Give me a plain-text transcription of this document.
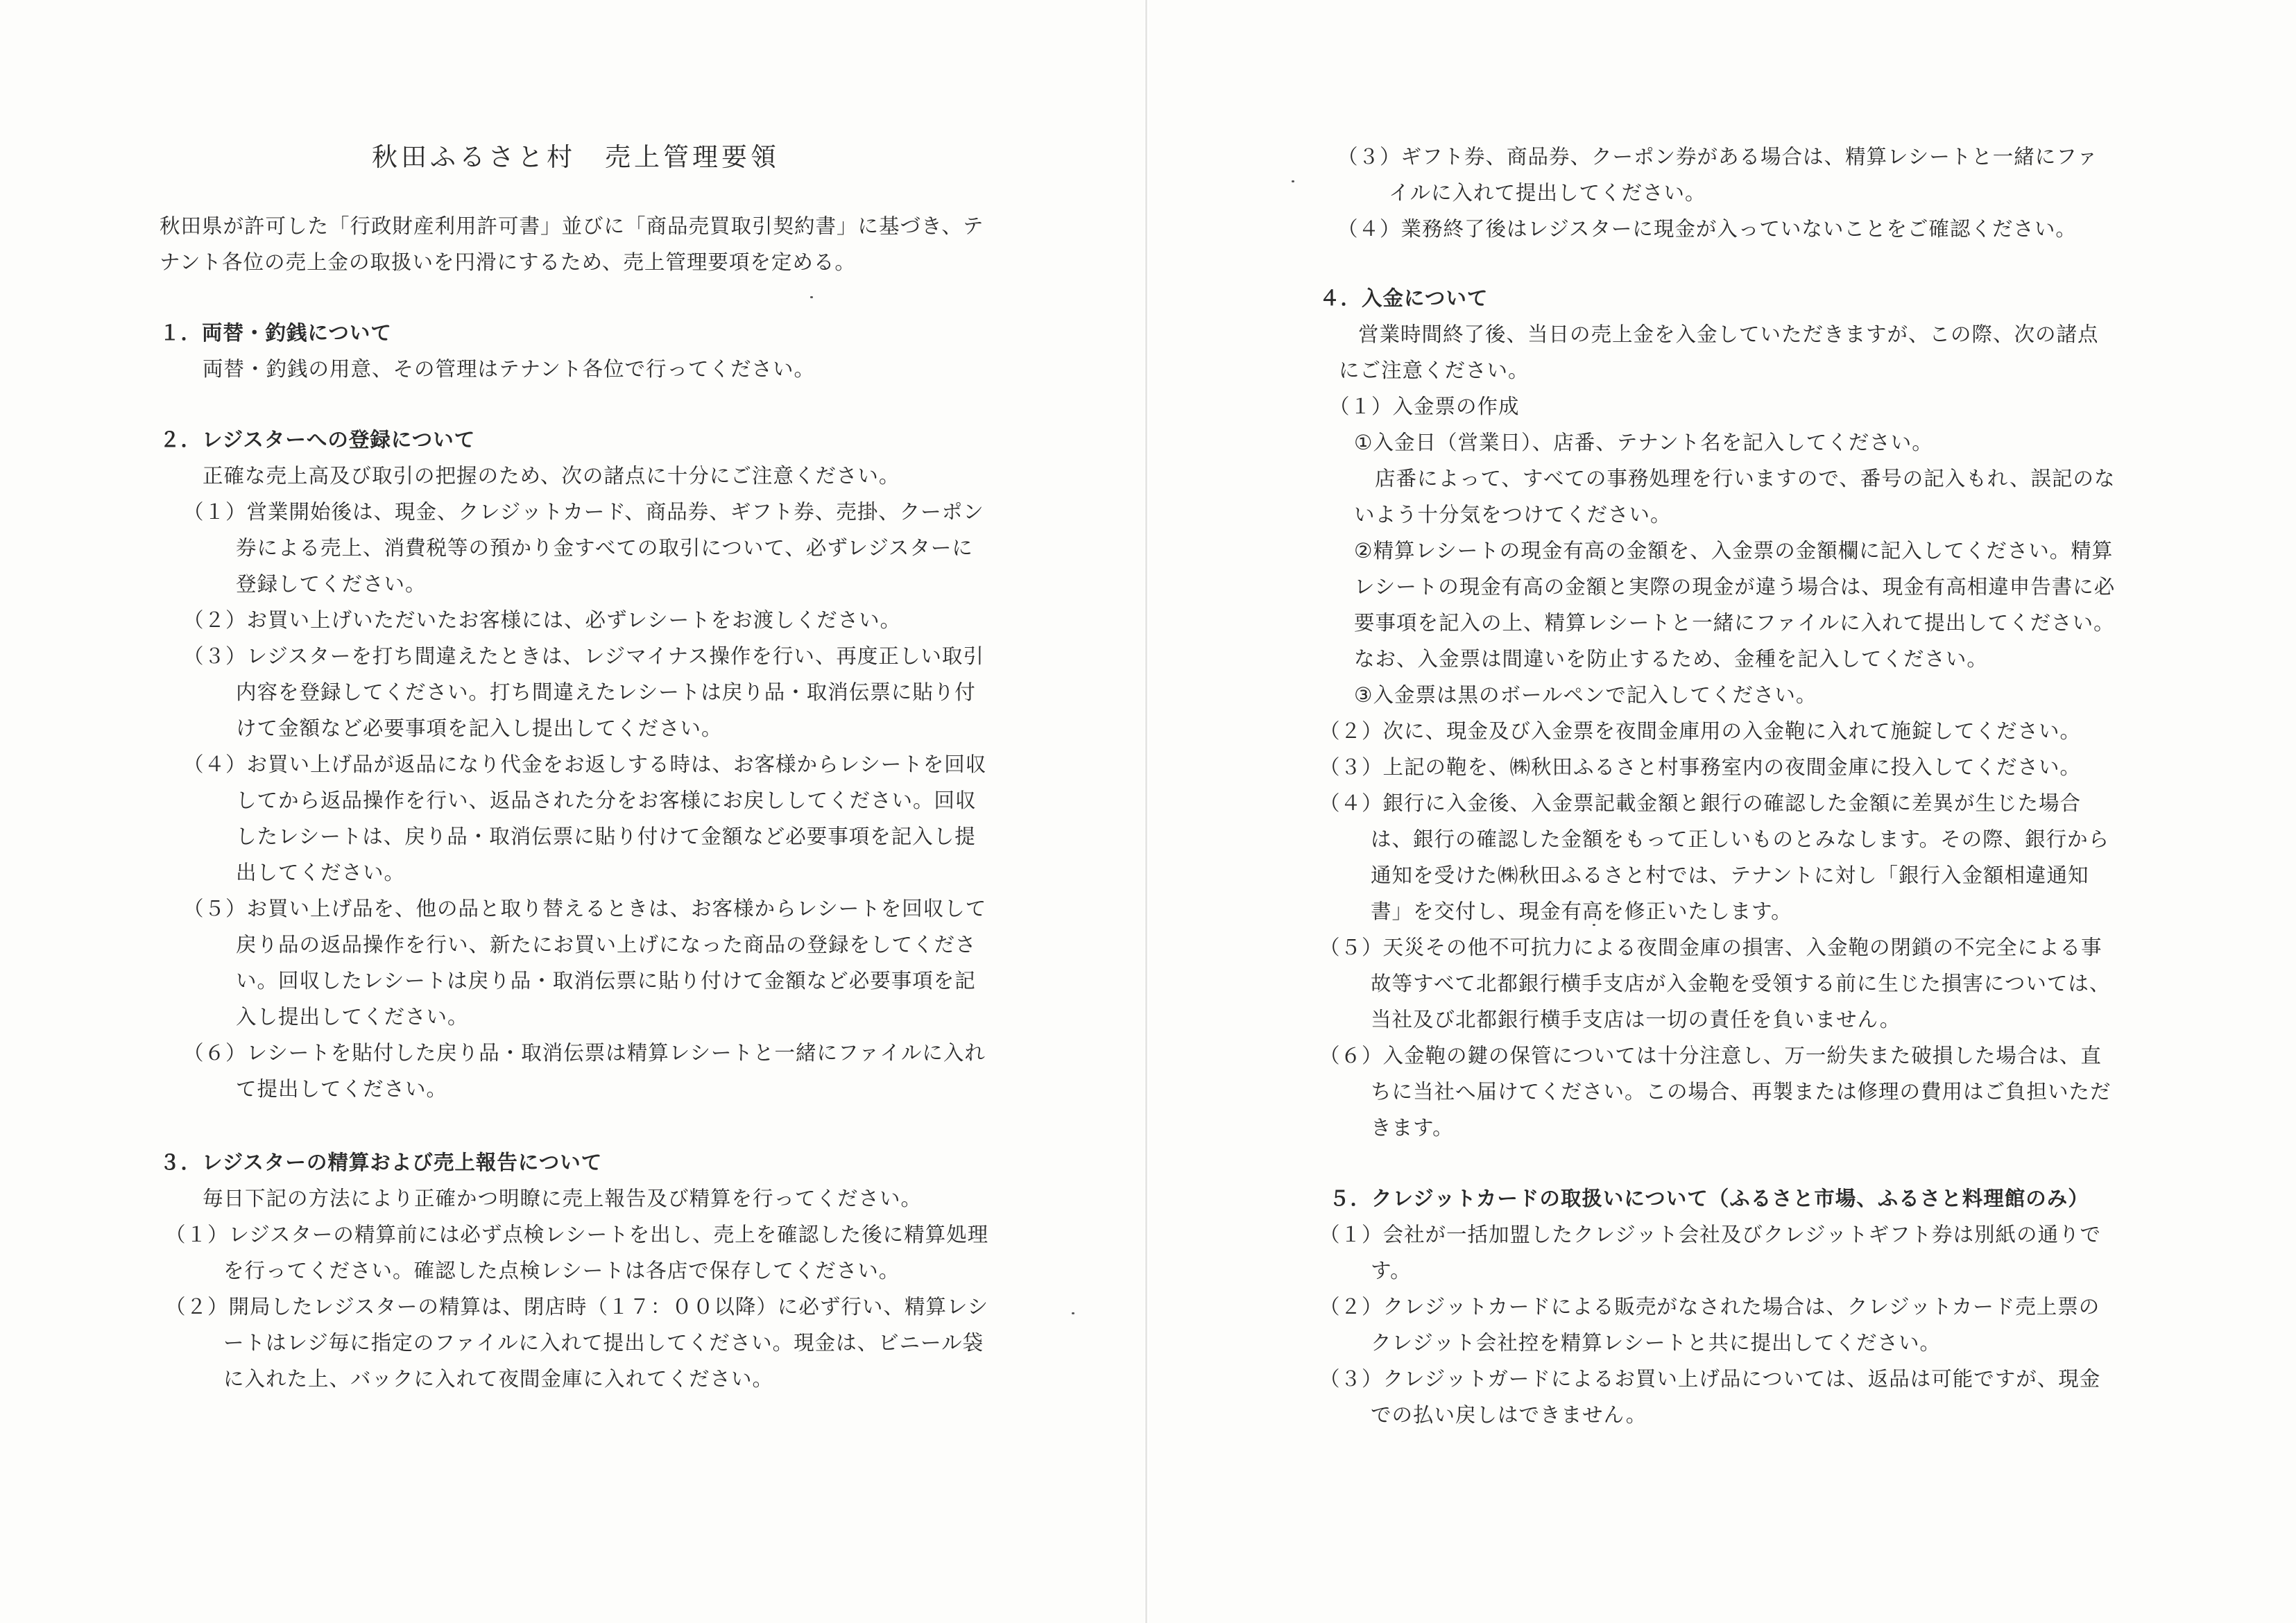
秋田ふるさと村　売上管理要領

秋田県が許可した「行政財産利用許可書」並びに「商品売買取引契約書」に基づき、テナント各位の売上金の取扱いを円滑にするため、売上管理要項を定める。

１．両替・釣銭について

両替・釣銭の用意、その管理はテナント各位で行ってください。

２．レジスターへの登録について

正確な売上高及び取引の把握のため、次の諸点に十分にご注意ください。

（１）営業開始後は、現金、クレジットカード、商品券、ギフト券、売掛、クーポン券による売上、消費税等の預かり金すべての取引について、必ずレジスターに登録してください。

（２）お買い上げいただいたお客様には、必ずレシートをお渡しください。

（３）レジスターを打ち間違えたときは、レジマイナス操作を行い、再度正しい取引内容を登録してください。打ち間違えたレシートは戻り品・取消伝票に貼り付けて金額など必要事項を記入し提出してください。

（４）お買い上げ品が返品になり代金をお返しする時は、お客様からレシートを回収してから返品操作を行い、返品された分をお客様にお戻ししてください。回収したレシートは、戻り品・取消伝票に貼り付けて金額など必要事項を記入し提出してください。

（５）お買い上げ品を、他の品と取り替えるときは、お客様からレシートを回収して戻り品の返品操作を行い、新たにお買い上げになった商品の登録をしてください。回収したレシートは戻り品・取消伝票に貼り付けて金額など必要事項を記入し提出してください。

（６）レシートを貼付した戻り品・取消伝票は精算レシートと一緒にファイルに入れて提出してください。

３．レジスターの精算および売上報告について

毎日下記の方法により正確かつ明瞭に売上報告及び精算を行ってください。

（１）レジスターの精算前には必ず点検レシートを出し、売上を確認した後に精算処理を行ってください。確認した点検レシートは各店で保存してください。

（２）開局したレジスターの精算は、閉店時（１７：００以降）に必ず行い、精算レシートはレジ毎に指定のファイルに入れて提出してください。現金は、ビニール袋に入れた上、バックに入れて夜間金庫に入れてください。

（３）ギフト券、商品券、クーポン券がある場合は、精算レシートと一緒にファイルに入れて提出してください。

（４）業務終了後はレジスターに現金が入っていないことをご確認ください。

４．入金について

営業時間終了後、当日の売上金を入金していただきますが、この際、次の諸点にご注意ください。

（１）入金票の作成

①入金日（営業日）、店番、テナント名を記入してください。

店番によって、すべての事務処理を行いますので、番号の記入もれ、誤記のないよう十分気をつけてください。

②精算レシートの現金有高の金額を、入金票の金額欄に記入してください。精算レシートの現金有高の金額と実際の現金が違う場合は、現金有高相違申告書に必要事項を記入の上、精算レシートと一緒にファイルに入れて提出してください。

なお、入金票は間違いを防止するため、金種を記入してください。

③入金票は黒のボールペンで記入してください。

（２）次に、現金及び入金票を夜間金庫用の入金鞄に入れて施錠してください。

（３）上記の鞄を、㈱秋田ふるさと村事務室内の夜間金庫に投入してください。

（４）銀行に入金後、入金票記載金額と銀行の確認した金額に差異が生じた場合は、銀行の確認した金額をもって正しいものとみなします。その際、銀行から通知を受けた㈱秋田ふるさと村では、テナントに対し「銀行入金額相違通知書」を交付し、現金有高を修正いたします。

（５）天災その他不可抗力による夜間金庫の損害、入金鞄の閉鎖の不完全による事故等すべて北都銀行横手支店が入金鞄を受領する前に生じた損害については、当社及び北都銀行横手支店は一切の責任を負いません。

（６）入金鞄の鍵の保管については十分注意し、万一紛失また破損した場合は、直ちに当社へ届けてください。この場合、再製または修理の費用はご負担いただきます。

５．クレジットカードの取扱いについて（ふるさと市場、ふるさと料理館のみ）

（１）会社が一括加盟したクレジット会社及びクレジットギフト券は別紙の通りです。

（２）クレジットカードによる販売がなされた場合は、クレジットカード売上票のクレジット会社控を精算レシートと共に提出してください。

（３）クレジットガードによるお買い上げ品については、返品は可能ですが、現金での払い戻しはできません。
